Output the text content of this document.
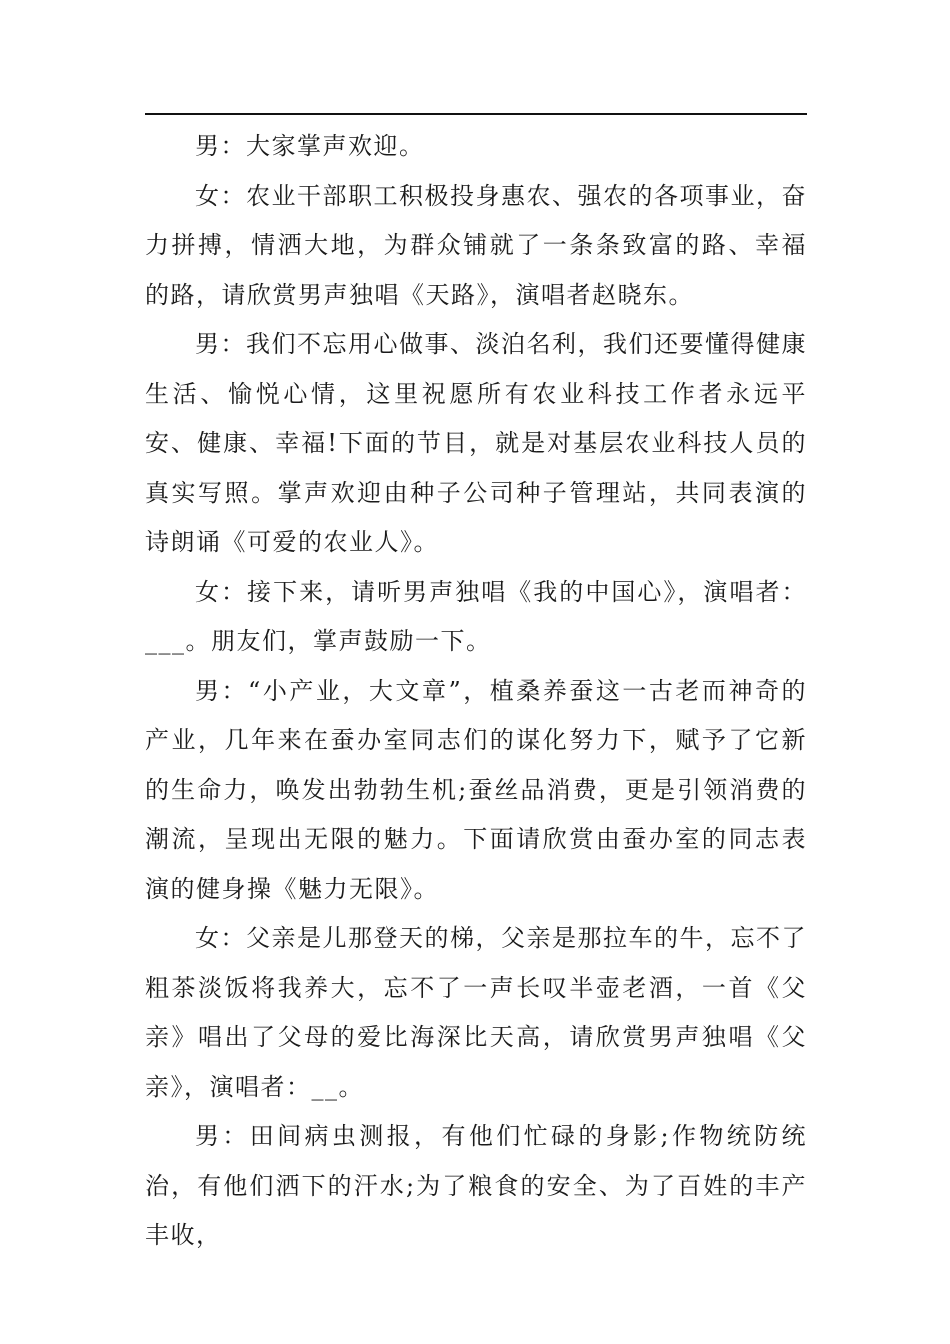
男：大家掌声欢迎。

女：农业干部职工积极投身惠农、强农的各项事业，奋力拼搏，情洒大地，为群众铺就了一条条致富的路、幸福的路，请欣赏男声独唱《天路》，演唱者赵晓东。

男：我们不忘用心做事、淡泊名利，我们还要懂得健康生活、愉悦心情，这里祝愿所有农业科技工作者永远平安、健康、幸福!下面的节目，就是对基层农业科技人员的真实写照。掌声欢迎由种子公司种子管理站，共同表演的诗朗诵《可爱的农业人》。

女：接下来，请听男声独唱《我的中国心》，演唱者：___。朋友们，掌声鼓励一下。

男：“小产业，大文章”，植桑养蚕这一古老而神奇的产业，几年来在蚕办室同志们的谋化努力下，赋予了它新的生命力，唤发出勃勃生机;蚕丝品消费，更是引领消费的潮流，呈现出无限的魅力。下面请欣赏由蚕办室的同志表演的健身操《魅力无限》。

女：父亲是儿那登天的梯，父亲是那拉车的牛，忘不了粗茶淡饭将我养大，忘不了一声长叹半壶老酒，一首《父亲》唱出了父母的爱比海深比天高，请欣赏男声独唱《父亲》，演唱者：__。

男：田间病虫测报，有他们忙碌的身影;作物统防统治，有他们洒下的汗水;为了粮食的安全、为了百姓的丰产丰收，
